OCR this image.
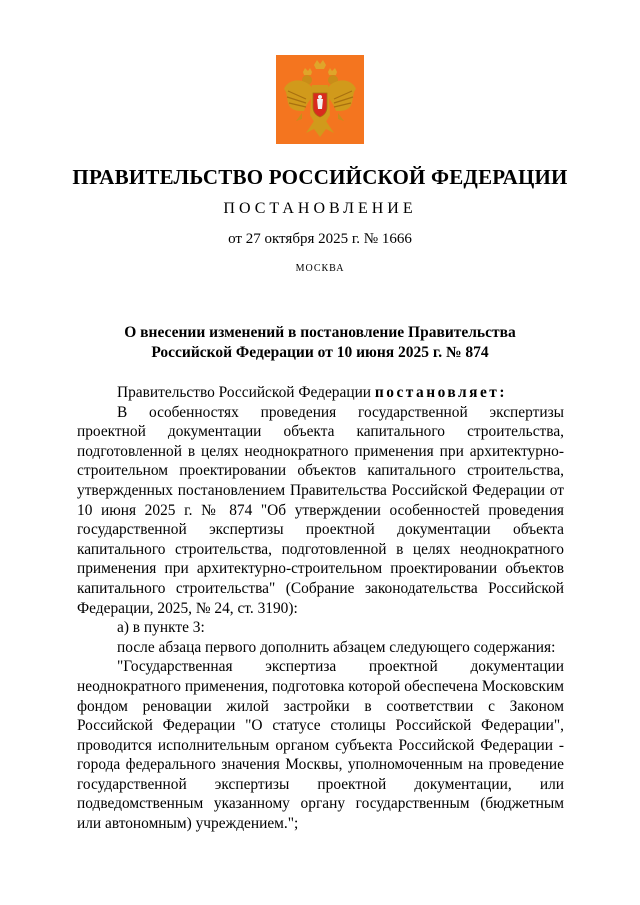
ПРАВИТЕЛЬСТВО РОССИЙСКОЙ ФЕДЕРАЦИИ
ПОСТАНОВЛЕНИЕ
от 27 октября 2025 г. № 1666
МОСКВА
О внесении изменений в постановление Правительства
Российской Федерации от 10 июня 2025 г. № 874

Правительство Российской Федерации постановляет:

В особенностях проведения государственной экспертизы проектной документации объекта капитального строительства, подготовленной в целях неоднократного применения при архитектурно-строительном проектировании объектов капитального строительства, утвержденных постановлением Правительства Российской Федерации от 10 июня 2025 г. № 874 "Об утверждении особенностей проведения государственной экспертизы проектной документации объекта капитального строительства, подготовленной в целях неоднократного применения при архитектурно-строительном проектировании объектов капитального строительства" (Собрание законодательства Российской Федерации, 2025, № 24, ст. 3190):

а) в пункте 3:

после абзаца первого дополнить абзацем следующего содержания:

"Государственная экспертиза проектной документации неоднократного применения, подготовка которой обеспечена Московским фондом реновации жилой застройки в соответствии с Законом Российской Федерации "О статусе столицы Российской Федерации", проводится исполнительным органом субъекта Российской Федерации - города федерального значения Москвы, уполномоченным на проведение государственной экспертизы проектной документации, или подведомственным указанному органу государственным (бюджетным или автономным) учреждением.";
